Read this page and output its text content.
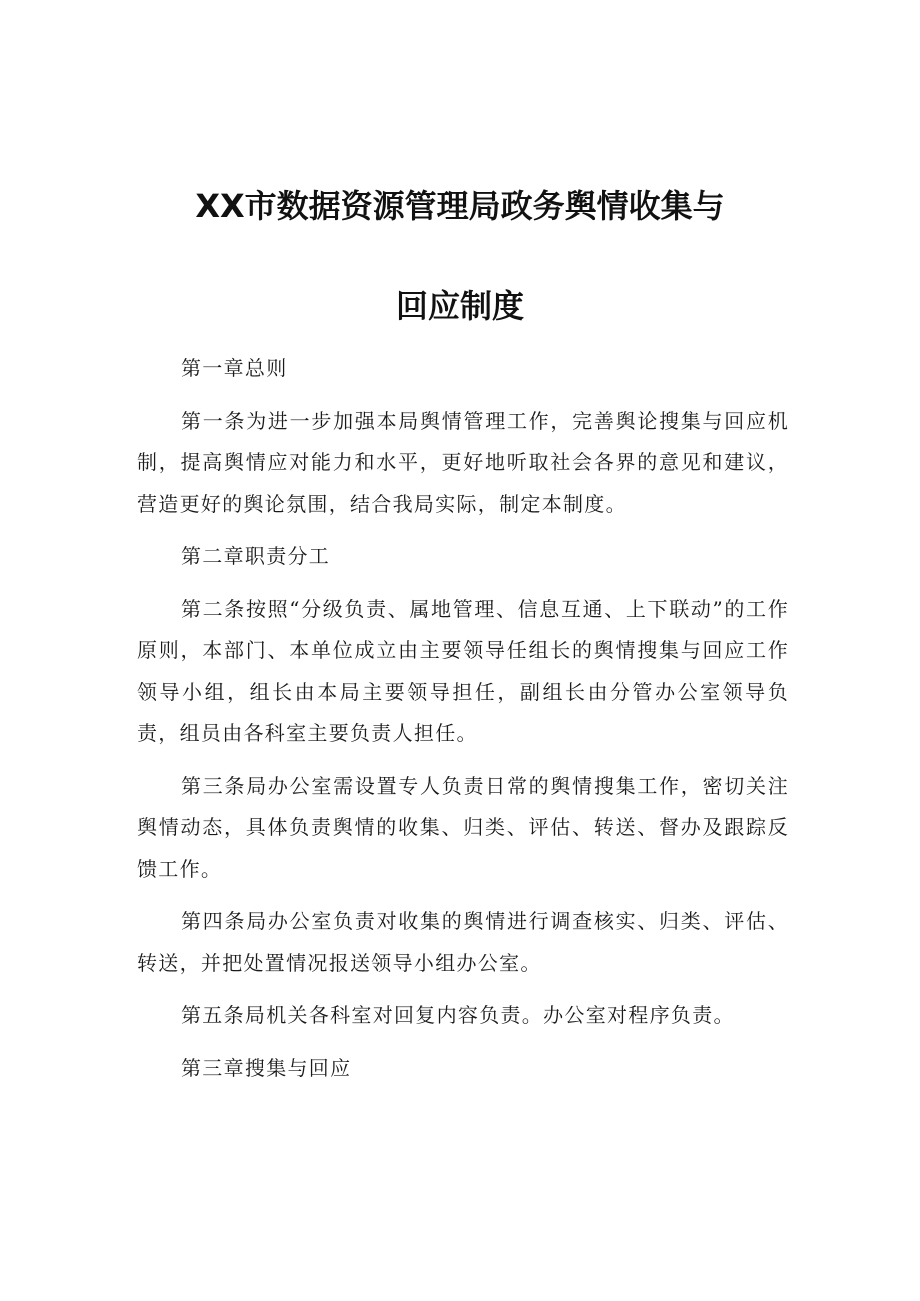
XX市数据资源管理局政务舆情收集与
回应制度

第一章总则

第一条为进一步加强本局舆情管理工作，完善舆论搜集与回应机制，提高舆情应对能力和水平，更好地听取社会各界的意见和建议，营造更好的舆论氛围，结合我局实际，制定本制度。

第二章职责分工

第二条按照“分级负责、属地管理、信息互通、上下联动”的工作原则，本部门、本单位成立由主要领导任组长的舆情搜集与回应工作领导小组，组长由本局主要领导担任，副组长由分管办公室领导负责，组员由各科室主要负责人担任。

第三条局办公室需设置专人负责日常的舆情搜集工作，密切关注舆情动态，具体负责舆情的收集、归类、评估、转送、督办及跟踪反馈工作。

第四条局办公室负责对收集的舆情进行调查核实、归类、评估、转送，并把处置情况报送领导小组办公室。

第五条局机关各科室对回复内容负责。办公室对程序负责。

第三章搜集与回应
